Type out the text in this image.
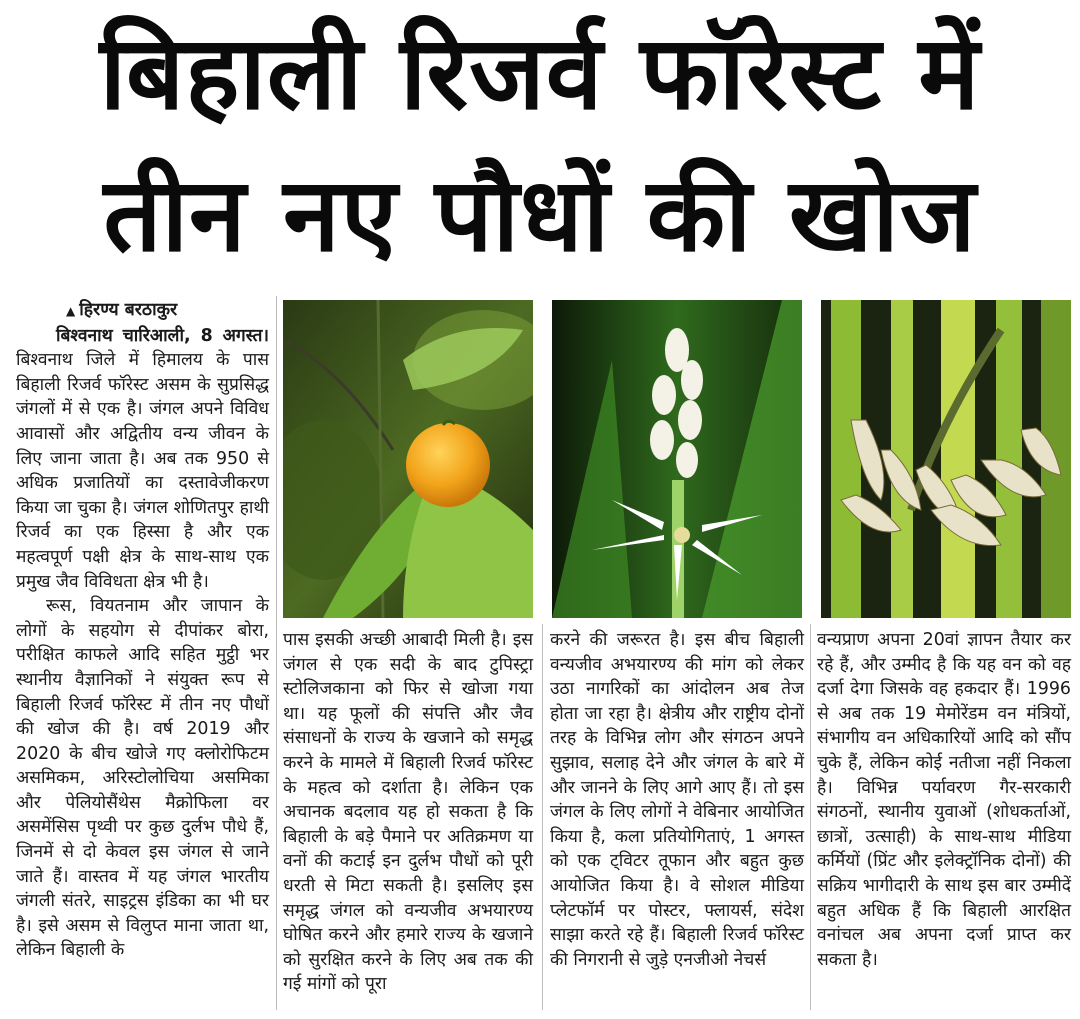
बिहाली रिजर्व फॉरेस्ट में
तीन नए पौधों की खोज
▲ हिरण्य बरठाकुर

बिश्वनाथ चारिआली, 8 अगस्त। बिश्वनाथ जिले में हिमालय के पास बिहाली रिजर्व फॉरेस्ट असम के सुप्रसिद्ध जंगलों में से एक है। जंगल अपने विविध आवासों और अद्वितीय वन्य जीवन के लिए जाना जाता है। अब तक 950 से अधिक प्रजातियों का दस्तावेजीकरण किया जा चुका है। जंगल शोणितपुर हाथी रिजर्व का एक हिस्सा है और एक महत्वपूर्ण पक्षी क्षेत्र के साथ-साथ एक प्रमुख जैव विविधता क्षेत्र भी है।

रूस, वियतनाम और जापान के लोगों के सहयोग से दीपांकर बोरा, परीक्षित काफले आदि सहित मुट्ठी भर स्थानीय वैज्ञानिकों ने संयुक्त रूप से बिहाली रिजर्व फॉरेस्ट में तीन नए पौधों की खोज की है। वर्ष 2019 और 2020 के बीच खोजे गए क्लोरोफिटम असमिकम, अरिस्टोलोचिया असमिका और पेलियोसैंथेस मैक्रोफिला वर असमेंसिस पृथ्वी पर कुछ दुर्लभ पौधे हैं, जिनमें से दो केवल इस जंगल से जाने जाते हैं। वास्तव में यह जंगल भारतीय जंगली संतरे, साइट्रस इंडिका का भी घर है। इसे असम से विलुप्त माना जाता था, लेकिन बिहाली के

पास इसकी अच्छी आबादी मिली है। इस जंगल से एक सदी के बाद टुपिस्ट्रा स्टोलिजकाना को फिर से खोजा गया था। यह फूलों की संपत्ति और जैव संसाधनों के राज्य के खजाने को समृद्ध करने के मामले में बिहाली रिजर्व फॉरेस्ट के महत्व को दर्शाता है। लेकिन एक अचानक बदलाव यह हो सकता है कि बिहाली के बड़े पैमाने पर अतिक्रमण या वनों की कटाई इन दुर्लभ पौधों को पूरी धरती से मिटा सकती है। इसलिए इस समृद्ध जंगल को वन्यजीव अभयारण्य घोषित करने और हमारे राज्य के खजाने को सुरक्षित करने के लिए अब तक की गई मांगों को पूरा

करने की जरूरत है। इस बीच बिहाली वन्यजीव अभयारण्य की मांग को लेकर उठा नागरिकों का आंदोलन अब तेज होता जा रहा है। क्षेत्रीय और राष्ट्रीय दोनों तरह के विभिन्न लोग और संगठन अपने सुझाव, सलाह देने और जंगल के बारे में और जानने के लिए आगे आए हैं। तो इस जंगल के लिए लोगों ने वेबिनार आयोजित किया है, कला प्रतियोगिताएं, 1 अगस्त को एक ट्विटर तूफान और बहुत कुछ आयोजित किया है। वे सोशल मीडिया प्लेटफॉर्म पर पोस्टर, फ्लायर्स, संदेश साझा करते रहे हैं। बिहाली रिजर्व फॉरेस्ट की निगरानी से जुड़े एनजीओ नेचर्स

वन्यप्राण अपना 20वां ज्ञापन तैयार कर रहे हैं, और उम्मीद है कि यह वन को वह दर्जा देगा जिसके वह हकदार हैं। 1996 से अब तक 19 मेमोरेंडम वन मंत्रियों, संभागीय वन अधिकारियों आदि को सौंप चुके हैं, लेकिन कोई नतीजा नहीं निकला है। विभिन्न पर्यावरण गैर-सरकारी संगठनों, स्थानीय युवाओं (शोधकर्ताओं, छात्रों, उत्साही) के साथ-साथ मीडिया कर्मियों (प्रिंट और इलेक्ट्रॉनिक दोनों) की सक्रिय भागीदारी के साथ इस बार उम्मीदें बहुत अधिक हैं कि बिहाली आरक्षित वनांचल अब अपना दर्जा प्राप्त कर सकता है।
